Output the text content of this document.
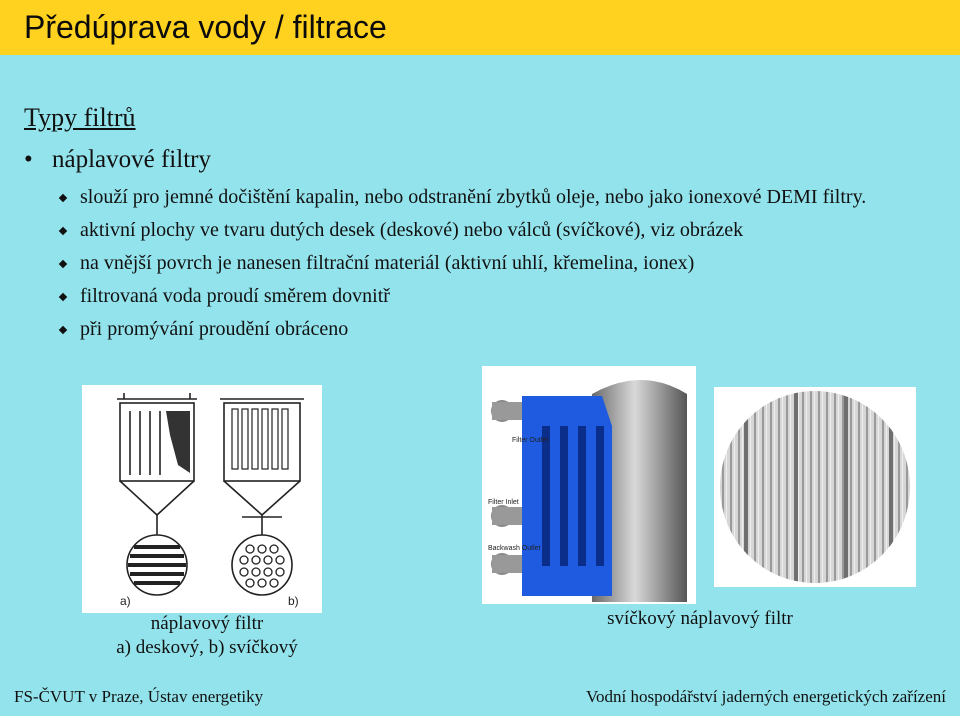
Předúprava vody / filtrace
Typy filtrů
• náplavové filtry
slouží pro jemné dočištění kapalin, nebo odstranění zbytků oleje, nebo jako ionexové DEMI filtry.
aktivní plochy ve tvaru dutých desek (deskové) nebo válců (svíčkové), viz obrázek
na vnější povrch je nanesen filtrační materiál (aktivní uhlí, křemelina, ionex)
filtrovaná voda proudí směrem dovnitř
při promývání proudění obráceno
a)	b)
Filter Outlet
Filter Inlet
Backwash Outlet
náplavový filtr
a) deskový, b) svíčkový
svíčkový náplavový filtr
FS-ČVUT v Praze, Ústav energetiky	Vodní hospodářství jaderných energetických zařízení
